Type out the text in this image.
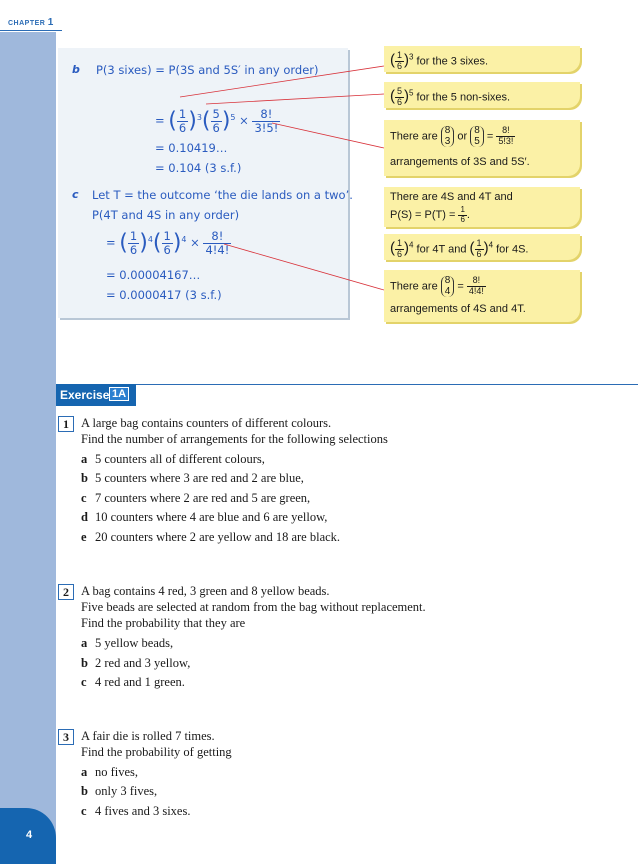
CHAPTER 1
4
b P(3 sixes) = P(3S and 5S′ in any order)
= ( $\frac{1}{6} )^3( \frac{5}{6} )^5 \times \frac{8!}{3!5!}$
= 0.10419…
= 0.104 (3 s.f.)
c Let T = the outcome ‘the die lands on a two’.
P(4T and 4S in any order)
= ( $\frac{1}{6} )^4( \frac{1}{6} )^4 \times \frac{8!}{4!4!}$
= 0.00004167…
= 0.0000417 (3 s.f.)
( $\frac{1}{6} )^3$ for the 3 sixes.
( $\frac{5}{6} )^5$ for the 5 non-sixes.
There are 8
3 or 8
$5 = \frac{8!}{5!3!}$
arrangements of 3S and 5S′.
There are 4S and 4T and
$P(S) = P(T) = \frac{1}{6}$ .
( $\frac{1}{6} )^4$ for 4T and ( $\frac{1}{6} )^4$ for 4S.
There are 8
$4 = \frac{8!}{4!4!}$
arrangements of 4S and 4T.
Exercise 1A
1 A large bag contains counters of different colours.
Find the number of arrangements for the following selections
a 5 counters all of different colours,
b 5 counters where 3 are red and 2 are blue,
c 7 counters where 2 are red and 5 are green,
d 10 counters where 4 are blue and 6 are yellow,
e 20 counters where 2 are yellow and 18 are black.
2 A bag contains 4 red, 3 green and 8 yellow beads.
Five beads are selected at random from the bag without replacement.
Find the probability that they are
a 5 yellow beads,
b 2 red and 3 yellow,
c 4 red and 1 green.
3 A fair die is rolled 7 times.
Find the probability of getting
a no fives,
b only 3 fives,
c 4 fives and 3 sixes.
